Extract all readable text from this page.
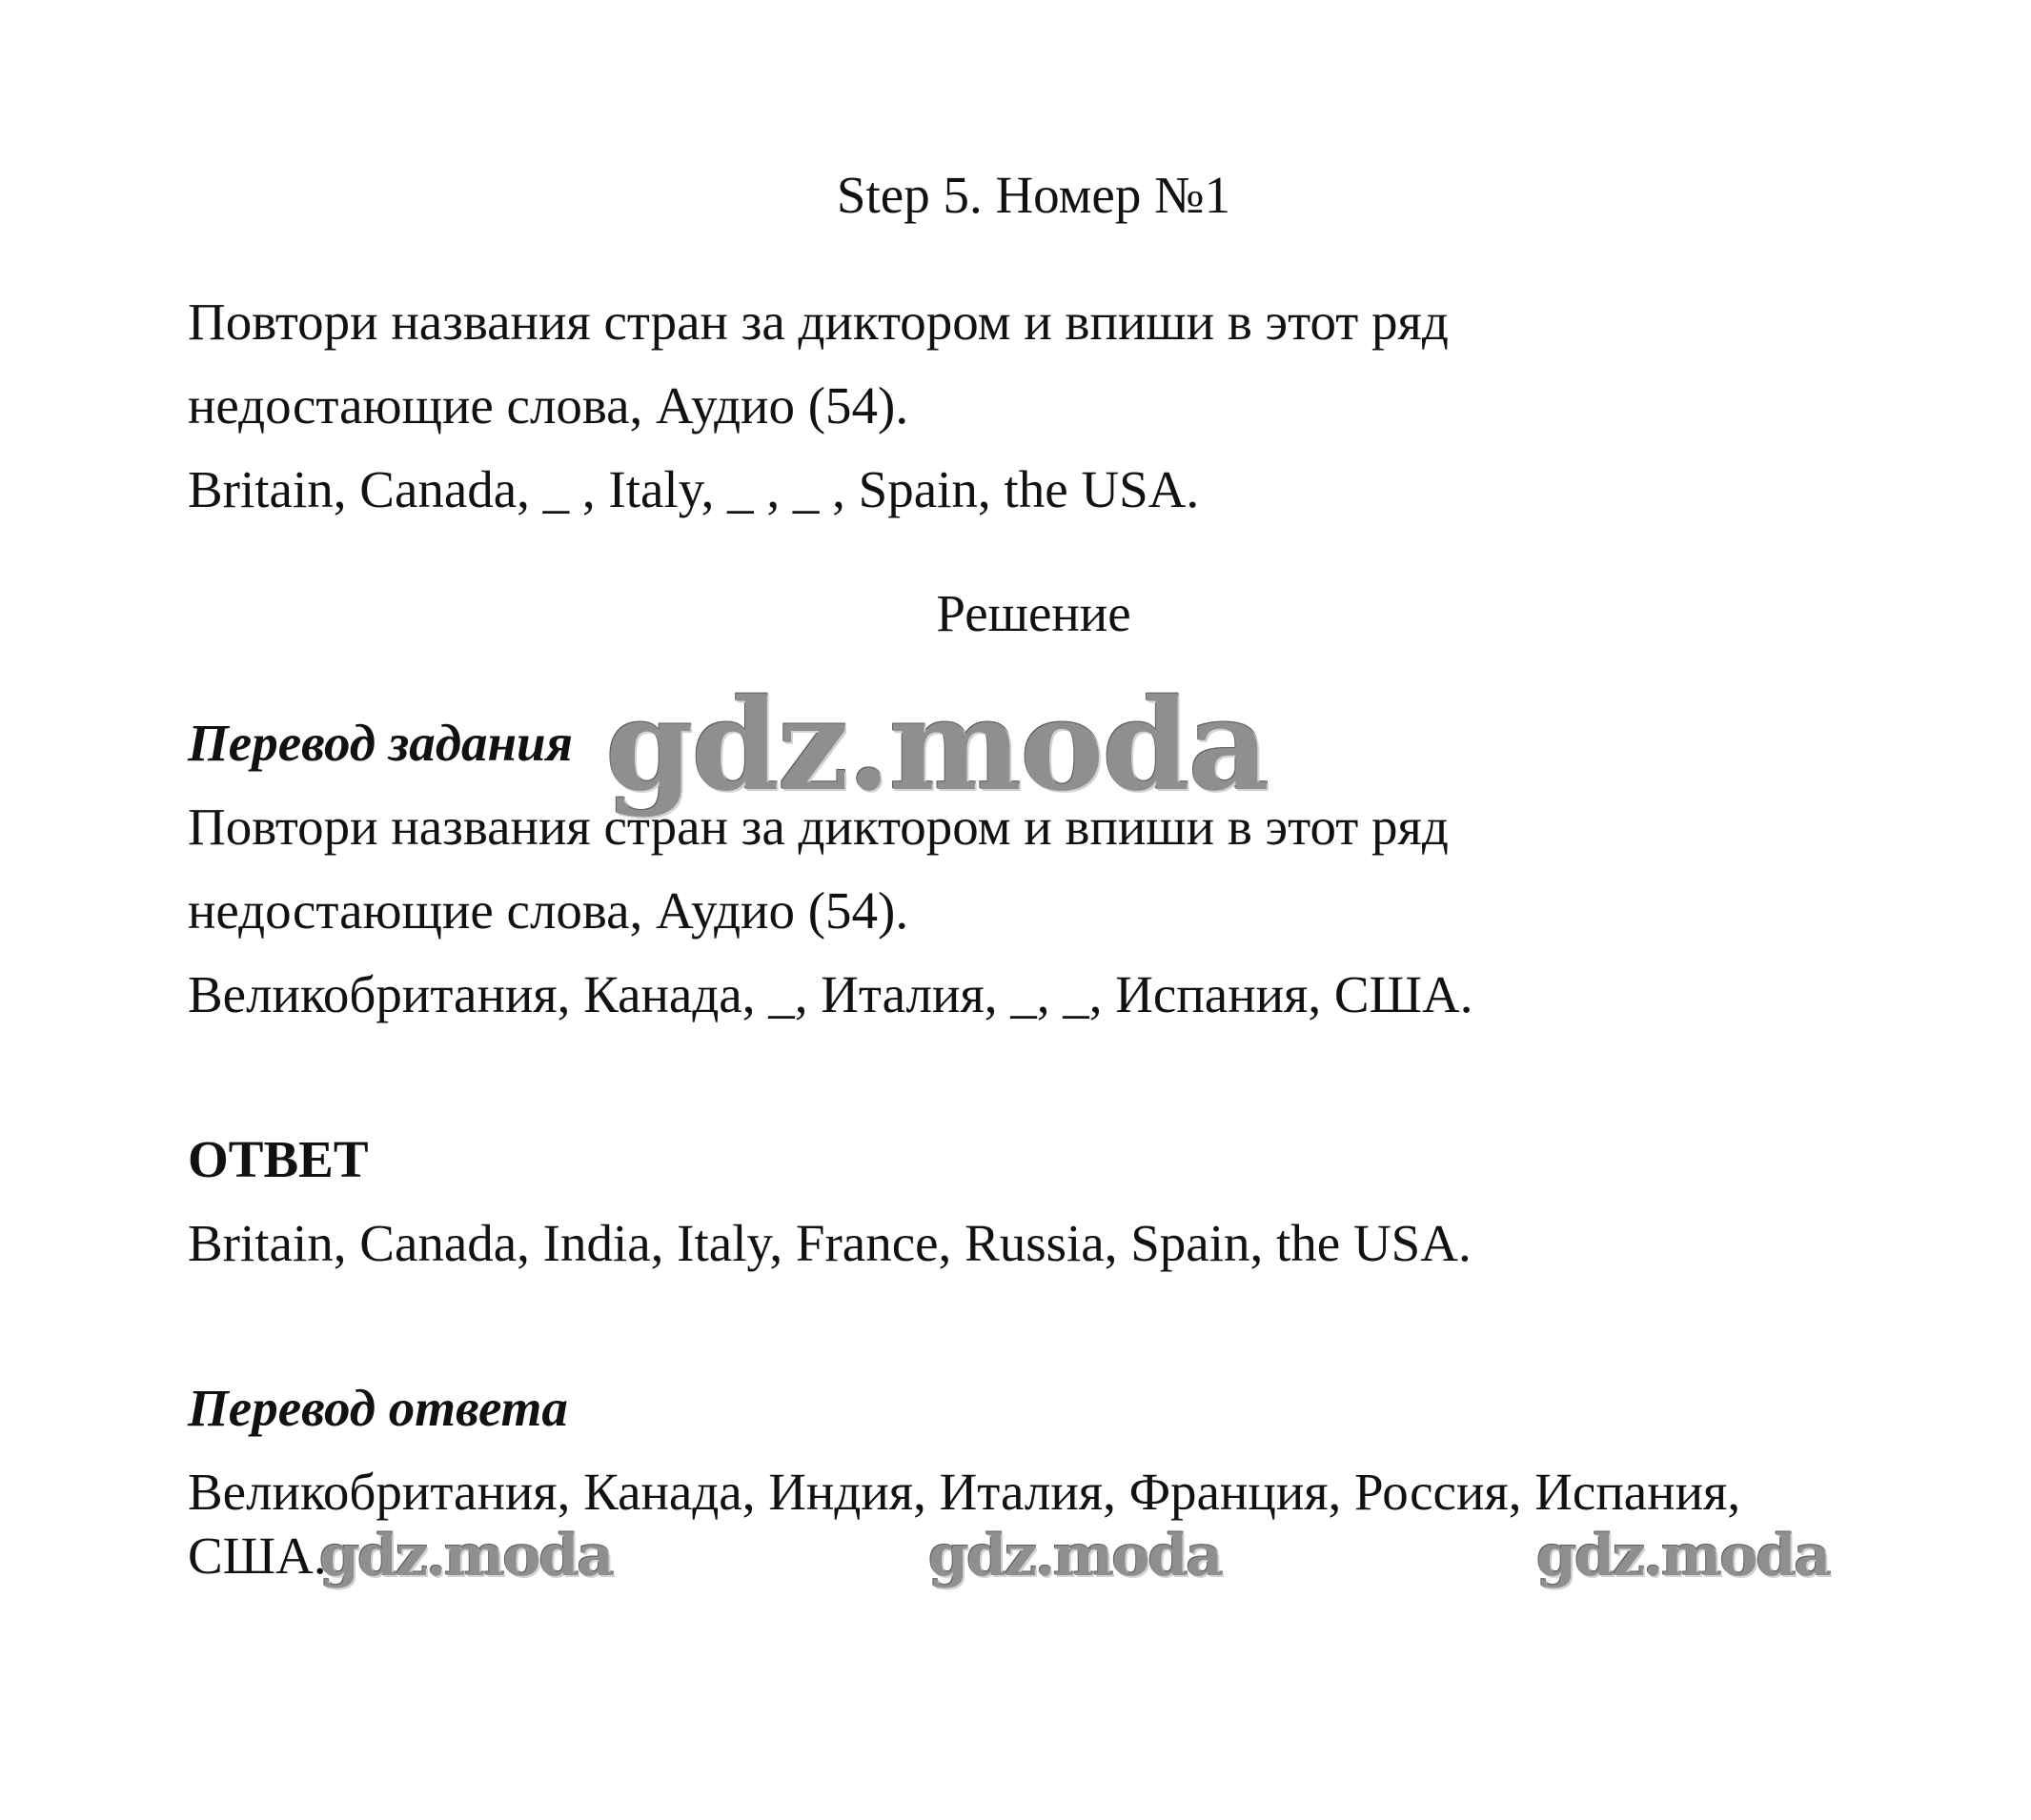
Step 5. Номер №1
Повтори названия стран за диктором и впиши в этот ряд
недостающие слова, Аудио (54).
Britain, Canada, _ , Italy, _ , _ , Spain, the USA.
Решение
Перевод задания
Повтори названия стран за диктором и впиши в этот ряд
недостающие слова, Аудио (54).
Великобритания, Канада, _, Италия, _, _, Испания, США.
ОТВЕТ
Britain, Canada, India, Italy, France, Russia, Spain, the USA.
Перевод ответа
Великобритания, Канада, Индия, Италия, Франция, Россия, Испания,
США.
gdz.moda
gdz.moda	gdz.moda	gdz.moda
